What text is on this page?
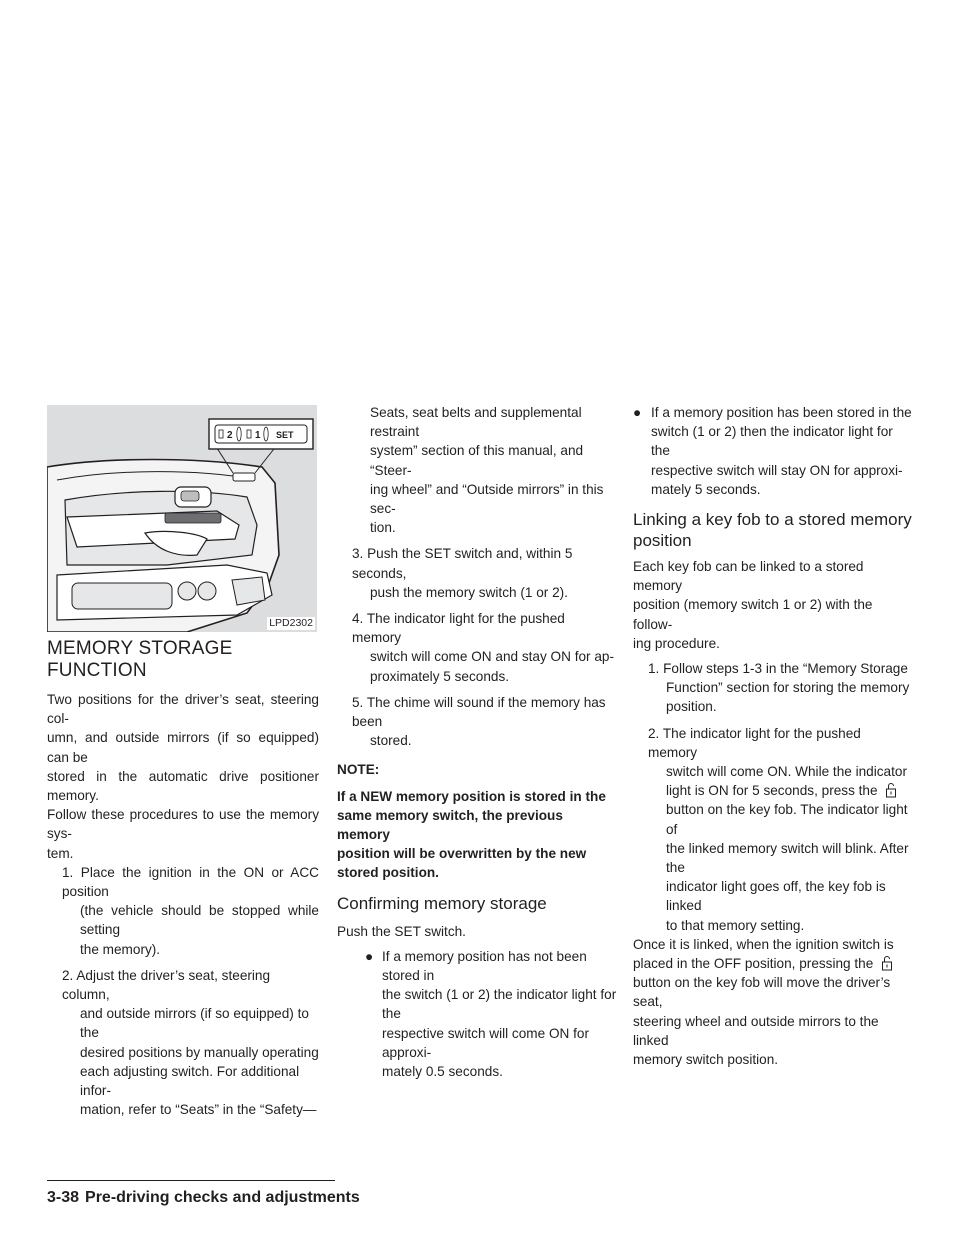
2 1 SET
LPD2302
MEMORY STORAGE FUNCTION
Two positions for the driver’s seat, steering col-
umn, and outside mirrors (if so equipped) can be
stored in the automatic drive positioner memory.
Follow these procedures to use the memory sys-
tem.
1. Place the ignition in the ON or ACC position
(the vehicle should be stopped while setting
the memory).
2. Adjust the driver’s seat, steering column,
and outside mirrors (if so equipped) to the
desired positions by manually operating
each adjusting switch. For additional infor-
mation, refer to “Seats” in the “Safety—
Seats, seat belts and supplemental restraint
system” section of this manual, and “Steer-
ing wheel” and “Outside mirrors” in this sec-
tion.
3. Push the SET switch and, within 5 seconds,
push the memory switch (1 or 2).
4. The indicator light for the pushed memory
switch will come ON and stay ON for ap-
proximately 5 seconds.
5. The chime will sound if the memory has been
stored.
NOTE:
If a NEW memory position is stored in the
same memory switch, the previous memory
position will be overwritten by the new
stored position.
Confirming memory storage
Push the SET switch.
● If a memory position has not been stored in
the switch (1 or 2) the indicator light for the
respective switch will come ON for approxi-
mately 0.5 seconds.
● If a memory position has been stored in the
switch (1 or 2) then the indicator light for the
respective switch will stay ON for approxi-
mately 5 seconds.
Linking a key fob to a stored memory
position
Each key fob can be linked to a stored memory
position (memory switch 1 or 2) with the follow-
ing procedure.
1. Follow steps 1-3 in the “Memory Storage
Function” section for storing the memory
position.
2. The indicator light for the pushed memory
switch will come ON. While the indicator
light is ON for 5 seconds, press the
button on the key fob. The indicator light of
the linked memory switch will blink. After the
indicator light goes off, the key fob is linked
to that memory setting.
Once it is linked, when the ignition switch is
placed in the OFF position, pressing the
button on the key fob will move the driver’s seat,
steering wheel and outside mirrors to the linked
memory switch position.
3-38 Pre-driving checks and adjustments
